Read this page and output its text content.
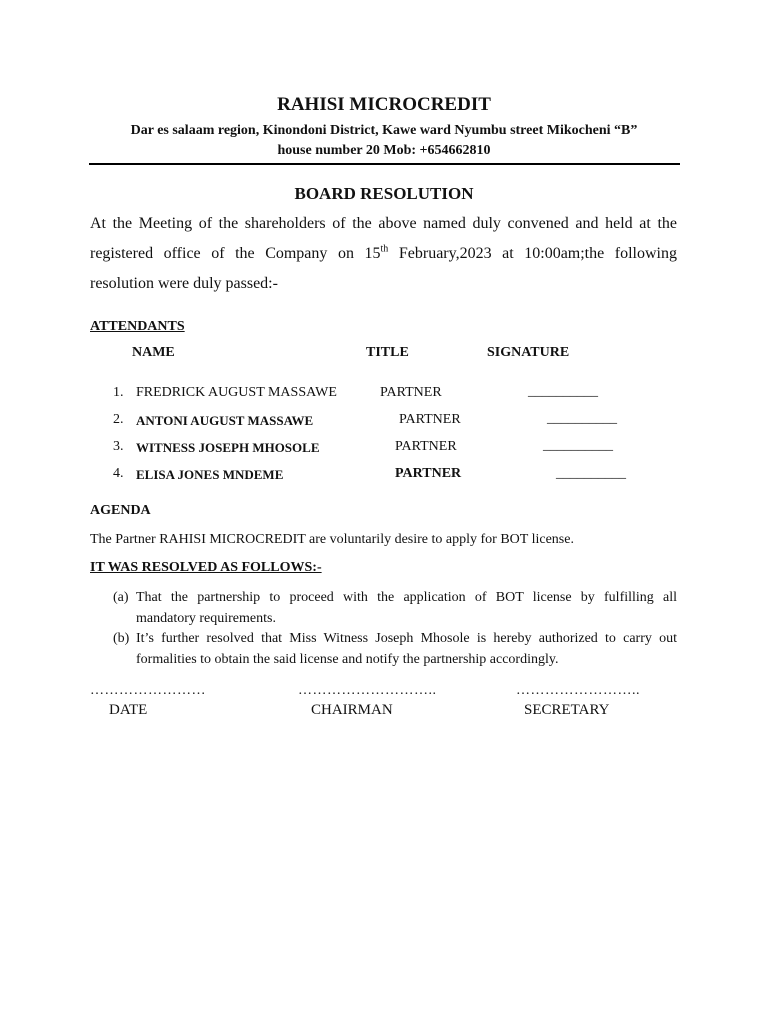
RAHISI MICROCREDIT
Dar es salaam region, Kinondoni District, Kawe ward Nyumbu street Mikocheni “B”
house number 20 Mob: +654662810
BOARD RESOLUTION
At the Meeting of the shareholders of the above named duly convened and held at the
registered office of the Company on 15th February,2023 at 10:00am;the following
resolution were duly passed:-
ATTENDANTS
NAME	TITLE	SIGNATURE
1. FREDRICK AUGUST MASSAWE	PARTNER	__________
2. ANTONI AUGUST MASSAWE	PARTNER	__________
3. WITNESS JOSEPH MHOSOLE	PARTNER	__________
4. ELISA JONES MNDEME	PARTNER	__________
AGENDA
The Partner RAHISI MICROCREDIT are voluntarily desire to apply for BOT license.
IT WAS RESOLVED AS FOLLOWS:-
(a) That the partnership to proceed with the application of BOT license by fulfilling all
mandatory requirements.
(b) It’s further resolved that Miss Witness Joseph Mhosole is hereby authorized to carry out
formalities to obtain the said license and notify the partnership accordingly.
……………………	………………………..	……………………..
DATE	CHAIRMAN	SECRETARY
